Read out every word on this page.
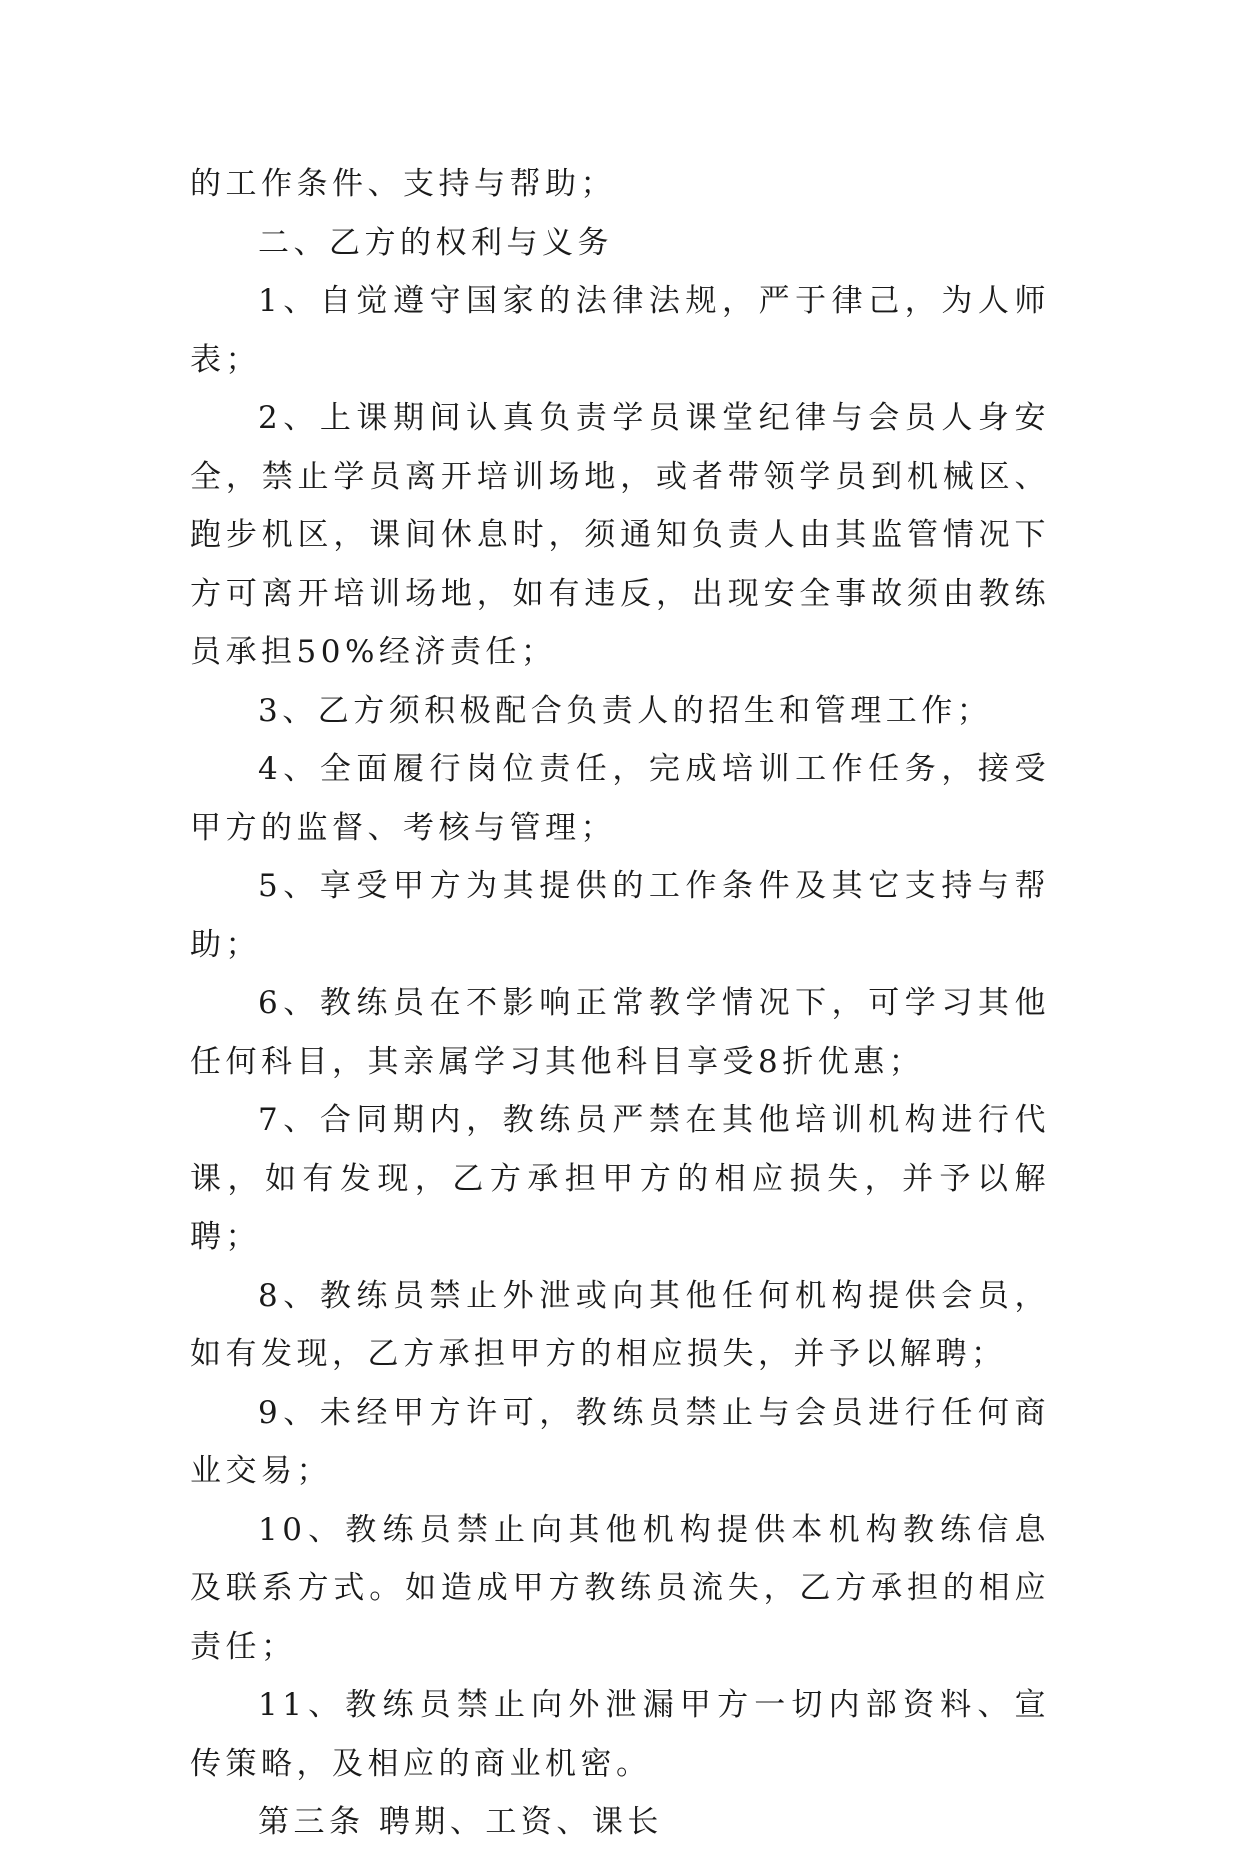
的工作条件、支持与帮助；

二、乙方的权利与义务

1、自觉遵守国家的法律法规，严于律己，为人师表；

2、上课期间认真负责学员课堂纪律与会员人身安全，禁止学员离开培训场地，或者带领学员到机械区、跑步机区，课间休息时，须通知负责人由其监管情况下方可离开培训场地，如有违反，出现安全事故须由教练员承担50%经济责任；

3、乙方须积极配合负责人的招生和管理工作；

4、全面履行岗位责任，完成培训工作任务，接受甲方的监督、考核与管理；

5、享受甲方为其提供的工作条件及其它支持与帮助；

6、教练员在不影响正常教学情况下，可学习其他任何科目，其亲属学习其他科目享受8折优惠；

7、合同期内，教练员严禁在其他培训机构进行代课，如有发现，乙方承担甲方的相应损失，并予以解聘；

8、教练员禁止外泄或向其他任何机构提供会员，如有发现，乙方承担甲方的相应损失，并予以解聘；

9、未经甲方许可，教练员禁止与会员进行任何商业交易；

10、教练员禁止向其他机构提供本机构教练信息及联系方式。如造成甲方教练员流失，乙方承担的相应责任；

11、教练员禁止向外泄漏甲方一切内部资料、宣传策略，及相应的商业机密。

第三条 聘期、工资、课长
